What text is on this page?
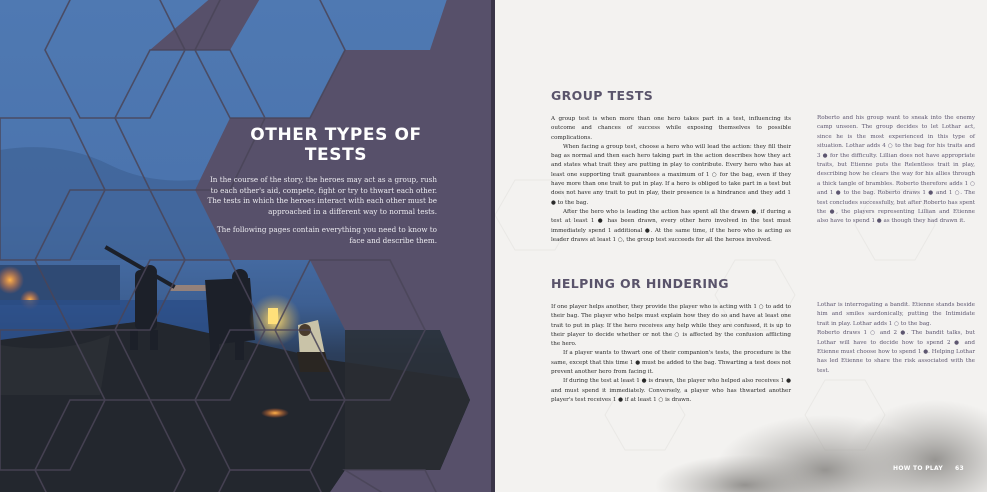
OTHER TYPES OF TESTS

In the course of the story, the heroes may act as a group, rush to each other's aid, compete, fight or try to thwart each other. The tests in which the heroes interact with each other must be approached in a different way to normal tests.

The following pages contain everything you need to know to face and describe them.

GROUP TESTS

A group test is when more than one hero takes part in a test, influencing its outcome and chances of success while exposing themselves to possible complications.

When facing a group test, choose a hero who will lead the action: they fill their bag as normal and then each hero taking part in the action describes how they act and states what trait they are putting in play to contribute. Every hero who has at least one supporting trait guarantees a maximum of 1 ○ for the bag, even if they have more than one trait to put in play. If a hero is obliged to take part in a test but does not have any trait to put in play, their presence is a hindrance and they add 1 ● to the bag.

After the hero who is leading the action has spent all the drawn ●, if during a test at least 1 ● has been drawn, every other hero involved in the test must immediately spend 1 additional ●. At the same time, if the hero who is acting as leader draws at least 1 ○, the group test succeeds for all the heroes involved.

Roberto and his group want to sneak into the enemy camp unseen. The group decides to let Lothar act, since he is the most experienced in this type of situation. Lothar adds 4 ○ to the bag for his traits and 3 ● for the difficulty. Lillian does not have appropriate traits, but Etienne puts the Relentless trait in play, describing how he clears the way for his allies through a thick tangle of brambles. Roberto therefore adds 1 ○ and 1 ● to the bag. Roberto draws 1 ● and 1 ○. The test concludes successfully, but after Roberto has spent the ●, the players representing Lillian and Etienne also have to spend 1 ● as though they had drawn it.

HELPING OR HINDERING

If one player helps another, they provide the player who is acting with 1 ○ to add to their bag. The player who helps must explain how they do so and have at least one trait to put in play. If the hero receives any help while they are confused, it is up to their player to decide whether or not the ○ is affected by the confusion afflicting the hero.

If a player wants to thwart one of their companion's tests, the procedure is the same, except that this time 1 ● must be added to the bag. Thwarting a test does not prevent another hero from facing it.

If during the test at least 1 ● is drawn, the player who helped also receives 1 ● and must spend it immediately. Conversely, a player who has thwarted another player's test receives 1 ● if at least 1 ○ is drawn.

Lothar is interrogating a bandit. Etienne stands beside him and smiles sardonically, putting the Intimidate trait in play. Lothar adds 1 ○ to the bag.

Roberto draws 1 ○ and 2 ●. The bandit talks, but Lothar will have to decide how to spend 2 ● and Etienne must choose how to spend 1 ●. Helping Lothar has led Etienne to share the risk associated with the test.

HOW TO PLAY 63
